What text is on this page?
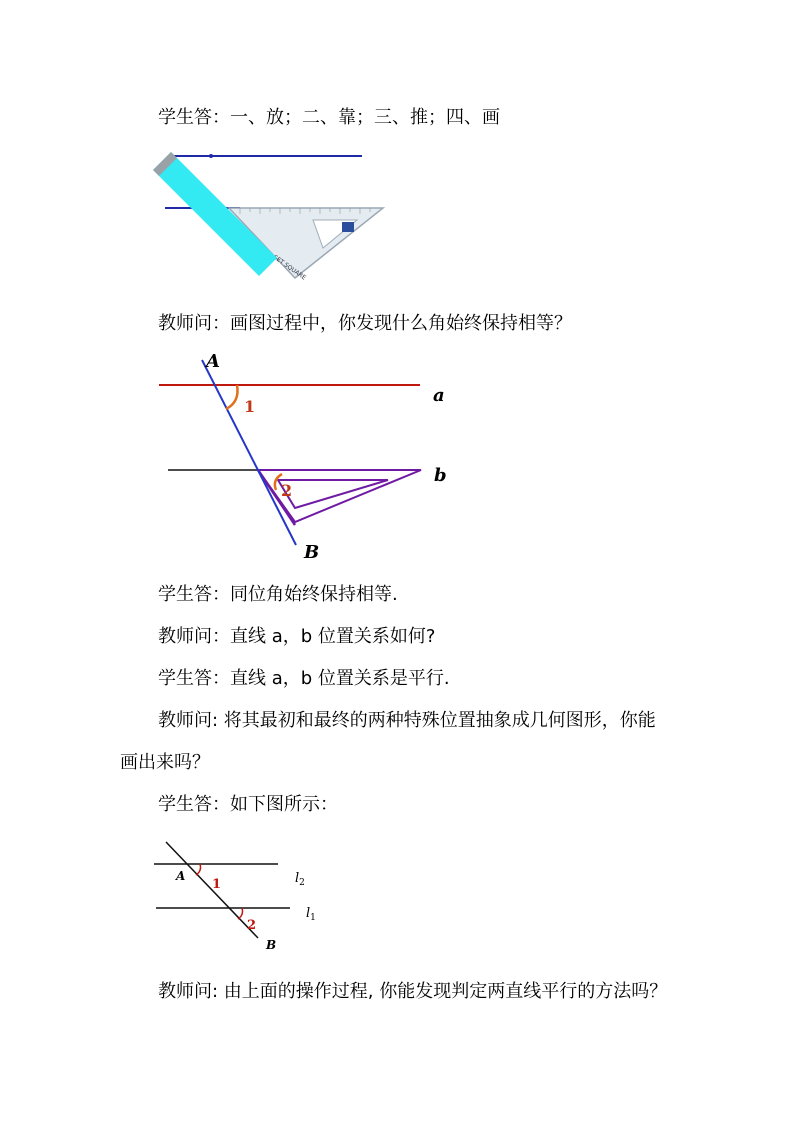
学生答：一、放；二、靠；三、推；四、画

SET SQUARE

教师问：画图过程中，你发现什么角始终保持相等？

A
B
a
b
1
2

学生答：同位角始终保持相等.

教师问：直线 a，b 位置关系如何?

学生答：直线 a，b 位置关系是平行.

教师问: 将其最初和最终的两种特殊位置抽象成几何图形，你能

画出来吗？

学生答：如下图所示：

A
B
1
2
$l_2$
$l_1$

教师问: 由上面的操作过程, 你能发现判定两直线平行的方法吗？
